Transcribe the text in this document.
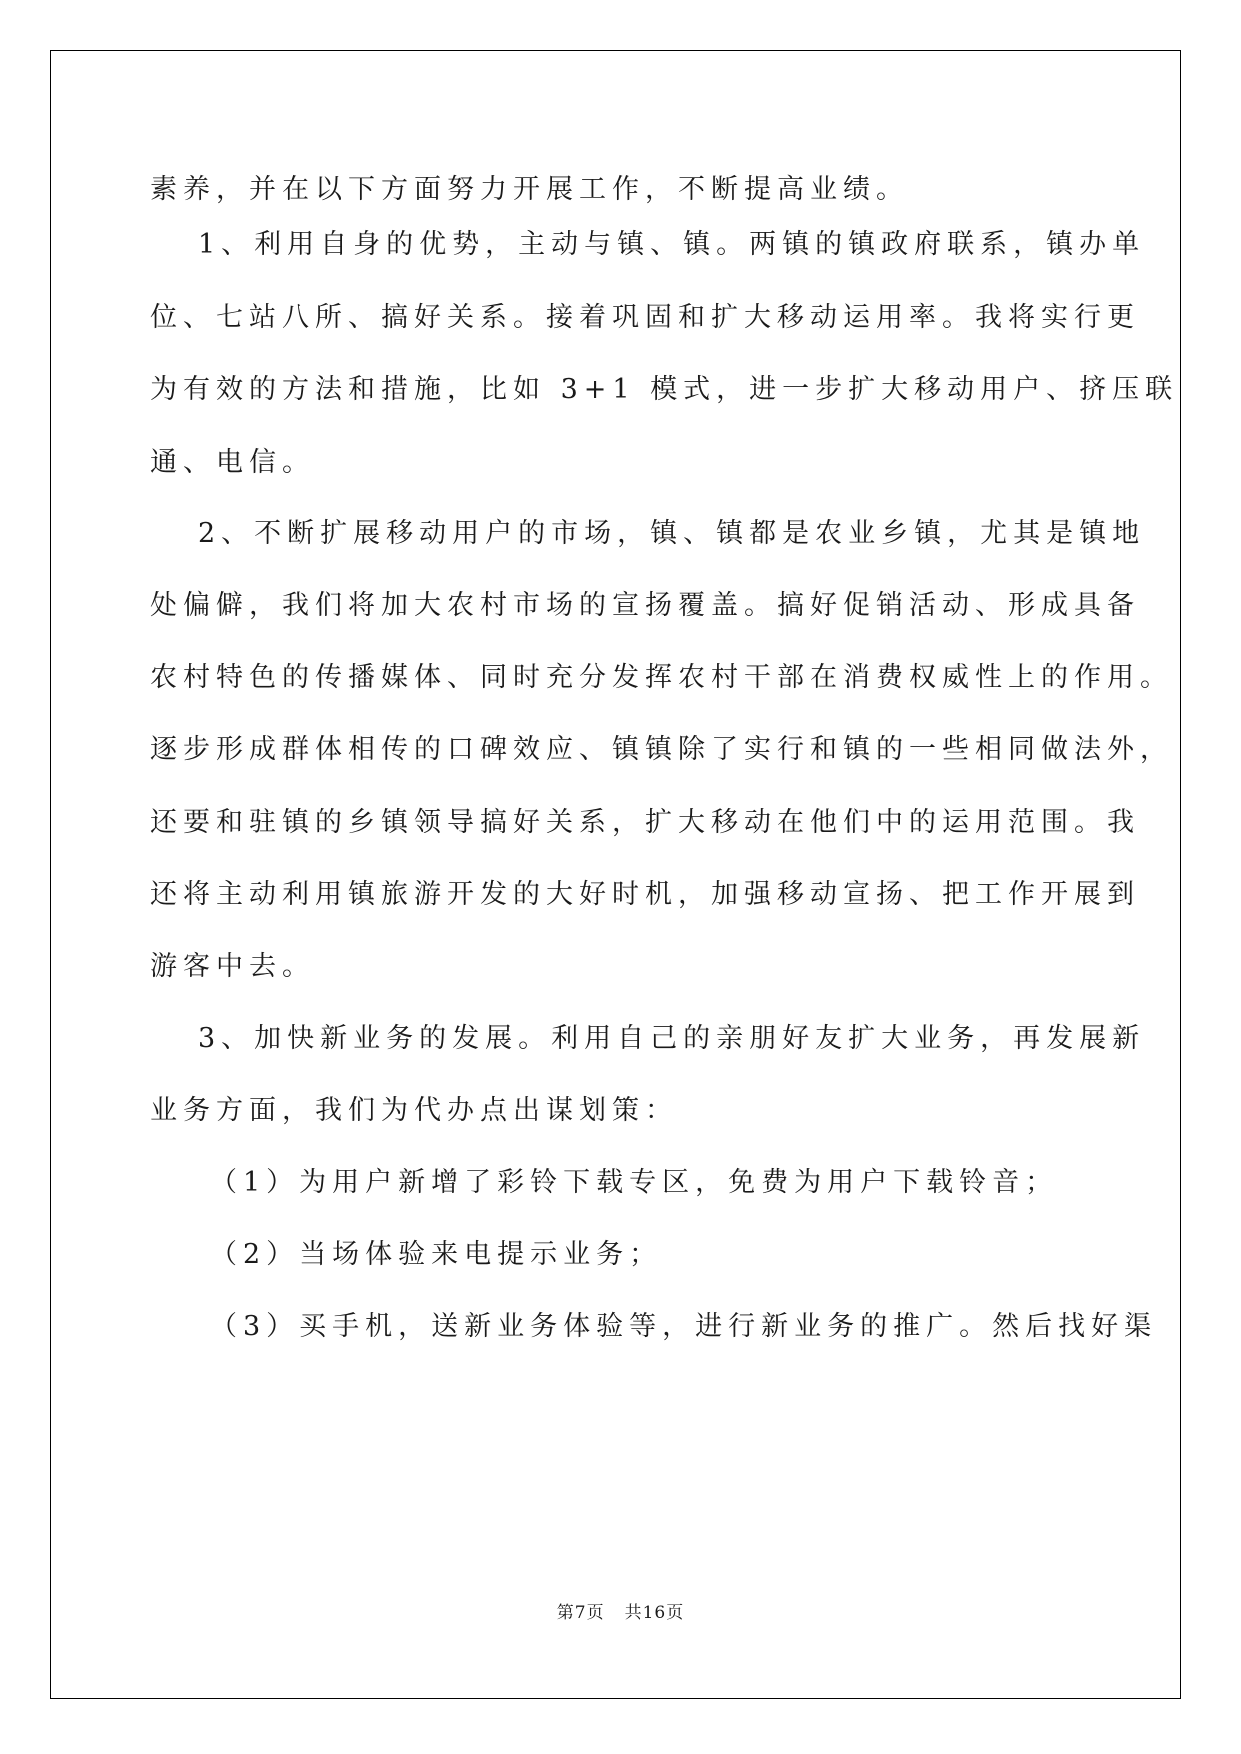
素养，并在以下方面努力开展工作，不断提高业绩。
1、利用自身的优势，主动与镇、镇。两镇的镇政府联系，镇办单
位、七站八所、搞好关系。接着巩固和扩大移动运用率。我将实行更
为有效的方法和措施，比如 3+1 模式，进一步扩大移动用户、挤压联
通、电信。
2、不断扩展移动用户的市场，镇、镇都是农业乡镇，尤其是镇地
处偏僻，我们将加大农村市场的宣扬覆盖。搞好促销活动、形成具备
农村特色的传播媒体、同时充分发挥农村干部在消费权威性上的作用。
逐步形成群体相传的口碑效应、镇镇除了实行和镇的一些相同做法外，
还要和驻镇的乡镇领导搞好关系，扩大移动在他们中的运用范围。我
还将主动利用镇旅游开发的大好时机，加强移动宣扬、把工作开展到
游客中去。
3、加快新业务的发展。利用自己的亲朋好友扩大业务，再发展新
业务方面，我们为代办点出谋划策：
（1）为用户新增了彩铃下载专区，免费为用户下载铃音；
（2）当场体验来电提示业务；
（3）买手机，送新业务体验等，进行新业务的推广。然后找好渠
第7页 共16页
